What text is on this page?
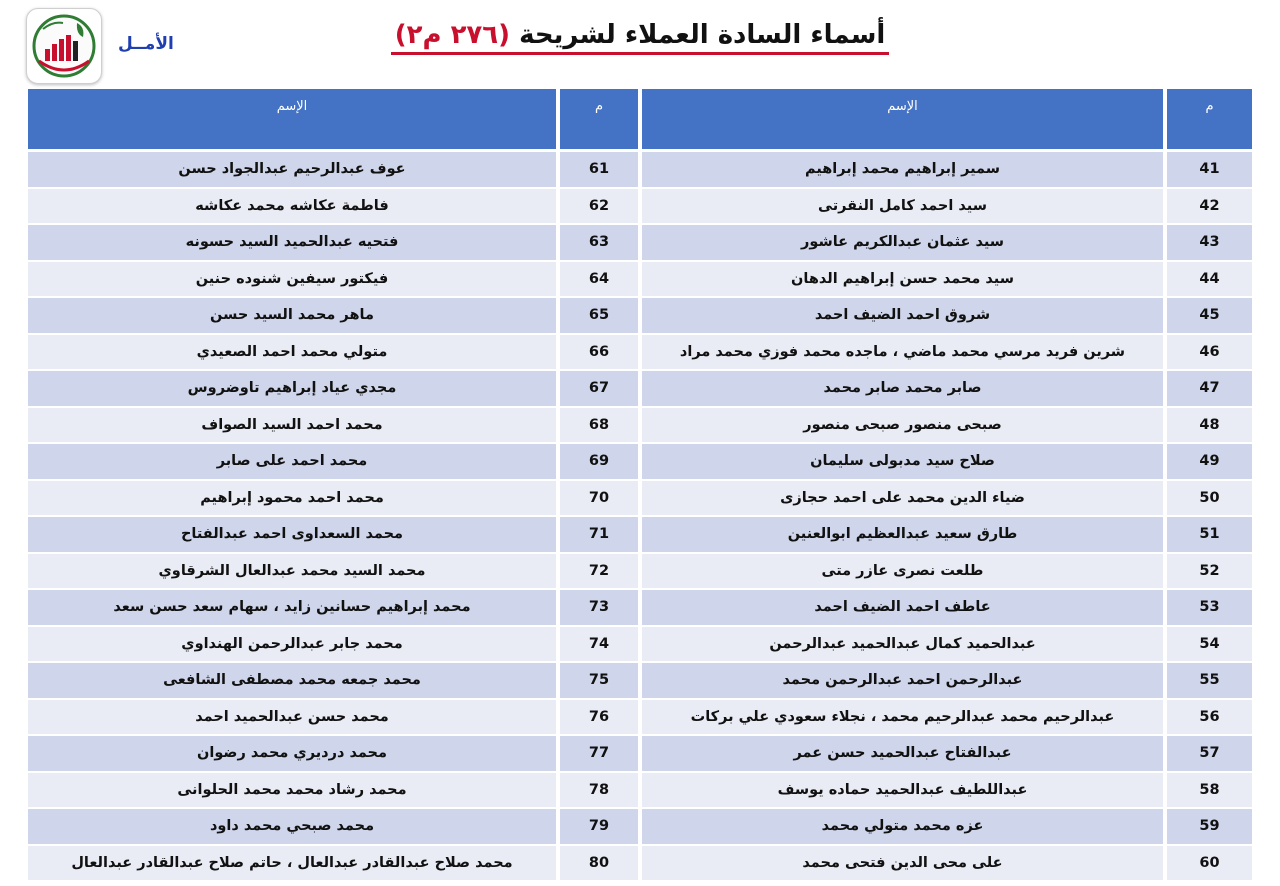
الأمــل	أسماء السادة العملاء لشريحة (٢٧٦ م٢)
م	الإسم	م	الإسم

41	سمير إبراهيم محمد إبراهيم	61	عوف عبدالرحيم عبدالجواد حسن
42	سيد احمد كامل النقرتى	62	فاطمة عكاشه محمد عكاشه
43	سيد عثمان عبدالكريم عاشور	63	فتحيه عبدالحميد السيد حسونه
44	سيد محمد حسن إبراهيم الدهان	64	فيكتور سيفين شنوده حنين
45	شروق احمد الضيف احمد	65	ماهر محمد السيد حسن
46	شرين فريد مرسي محمد ماضي ، ماجده محمد فوزي محمد مراد	66	متولي محمد احمد الصعيدي
47	صابر محمد صابر محمد	67	مجدي عياد إبراهيم تاوضروس
48	صبحى منصور صبحى منصور	68	محمد احمد السيد الصواف
49	صلاح سيد مدبولى سليمان	69	محمد احمد على صابر
50	ضياء الدين محمد على احمد حجازى	70	محمد احمد محمود إبراهيم
51	طارق سعيد عبدالعظيم ابوالعنين	71	محمد السعداوى احمد عبدالفتاح
52	طلعت نصرى عازر متى	72	محمد السيد محمد عبدالعال الشرقاوي
53	عاطف احمد الضيف احمد	73	محمد إبراهيم حسانين زايد ، سهام سعد حسن سعد
54	عبدالحميد كمال عبدالحميد عبدالرحمن	74	محمد جابر عبدالرحمن الهنداوي
55	عبدالرحمن احمد عبدالرحمن محمد	75	محمد جمعه محمد مصطفى الشافعى
56	عبدالرحيم محمد عبدالرحيم محمد ، نجلاء سعودي علي بركات	76	محمد حسن عبدالحميد احمد
57	عبدالفتاح عبدالحميد حسن عمر	77	محمد درديري محمد رضوان
58	عبداللطيف عبدالحميد حماده يوسف	78	محمد رشاد محمد محمد الحلوانى
59	عزه محمد متولي محمد	79	محمد صبحي محمد داود
60	على محى الدين فتحى محمد	80	محمد صلاح عبدالقادر عبدالعال ، حاتم صلاح عبدالقادر عبدالعال
